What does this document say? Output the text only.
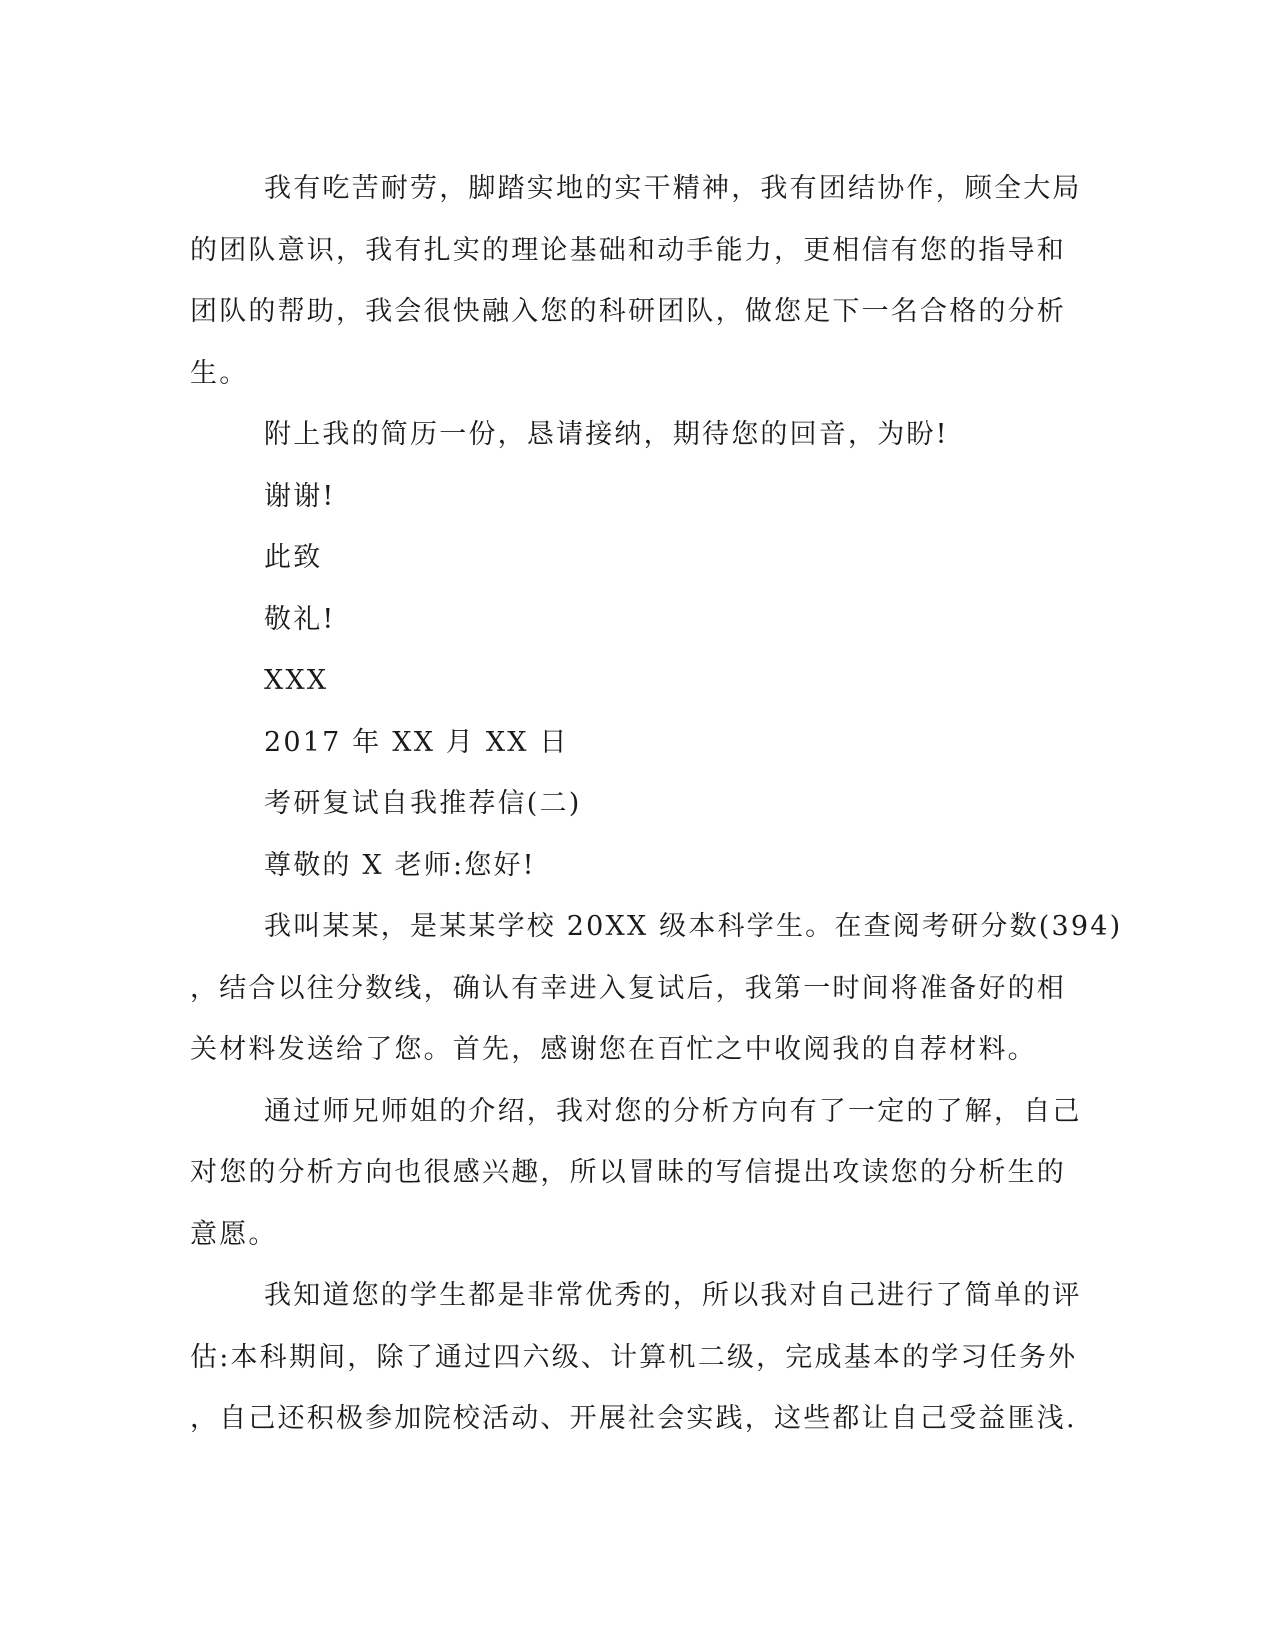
我有吃苦耐劳，脚踏实地的实干精神，我有团结协作，顾全大局
的团队意识，我有扎实的理论基础和动手能力，更相信有您的指导和
团队的帮助，我会很快融入您的科研团队，做您足下一名合格的分析
生。

附上我的简历一份，恳请接纳，期待您的回音，为盼!

谢谢!

此致

敬礼!

XXX

2017 年 XX 月 XX 日

考研复试自我推荐信(二)

尊敬的 X 老师:您好!

我叫某某，是某某学校 20XX 级本科学生。在查阅考研分数(394)
，结合以往分数线，确认有幸进入复试后，我第一时间将准备好的相
关材料发送给了您。首先，感谢您在百忙之中收阅我的自荐材料。

通过师兄师姐的介绍，我对您的分析方向有了一定的了解，自己
对您的分析方向也很感兴趣，所以冒昧的写信提出攻读您的分析生的
意愿。

我知道您的学生都是非常优秀的，所以我对自己进行了简单的评
估:本科期间，除了通过四六级、计算机二级，完成基本的学习任务外
，自己还积极参加院校活动、开展社会实践，这些都让自己受益匪浅.
